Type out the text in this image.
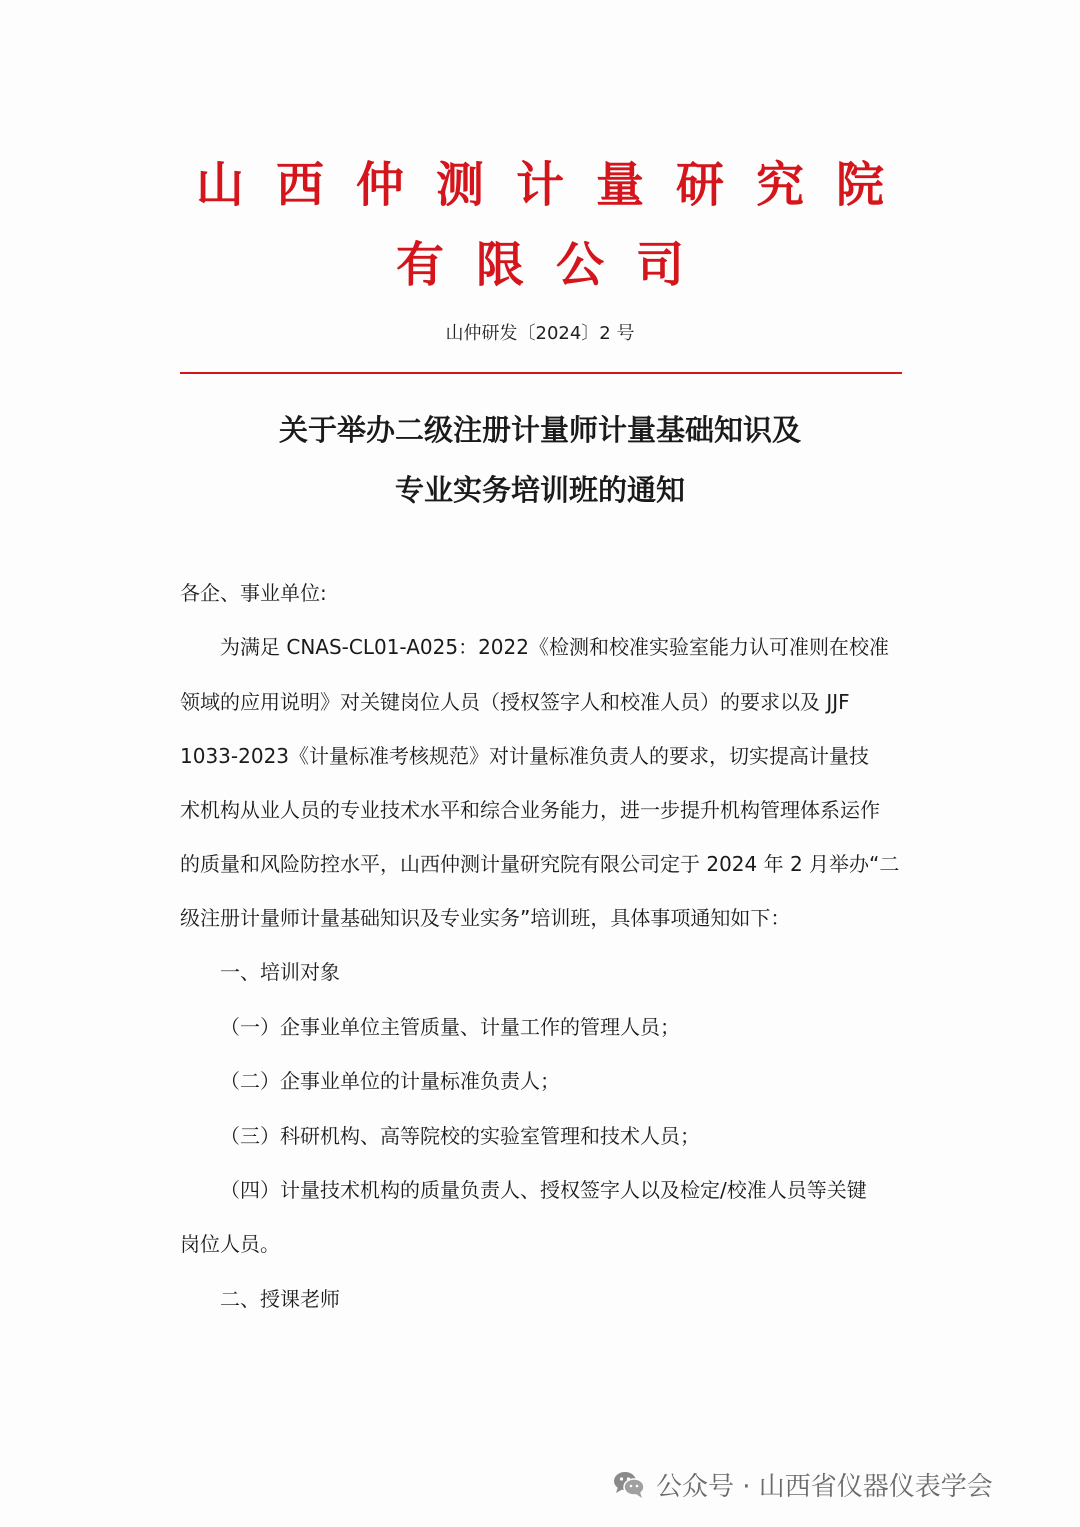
山西仲测计量研究院
有限公司
山仲研发〔2024〕2 号
关于举办二级注册计量师计量基础知识及
专业实务培训班的通知
各企、事业单位:
为满足 CNAS-CL01-A025：2022《检测和校准实验室能力认可准则在校准
领域的应用说明》对关键岗位人员（授权签字人和校准人员）的要求以及 JJF
1033-2023《计量标准考核规范》对计量标准负责人的要求，切实提高计量技
术机构从业人员的专业技术水平和综合业务能力，进一步提升机构管理体系运作
的质量和风险防控水平，山西仲测计量研究院有限公司定于 2024 年 2 月举办“二
级注册计量师计量基础知识及专业实务”培训班，具体事项通知如下：
一、培训对象
（一）企事业单位主管质量、计量工作的管理人员；
（二）企事业单位的计量标准负责人；
（三）科研机构、高等院校的实验室管理和技术人员；
（四）计量技术机构的质量负责人、授权签字人以及检定/校准人员等关键
岗位人员。
二、授课老师
公众号 · 山西省仪器仪表学会
